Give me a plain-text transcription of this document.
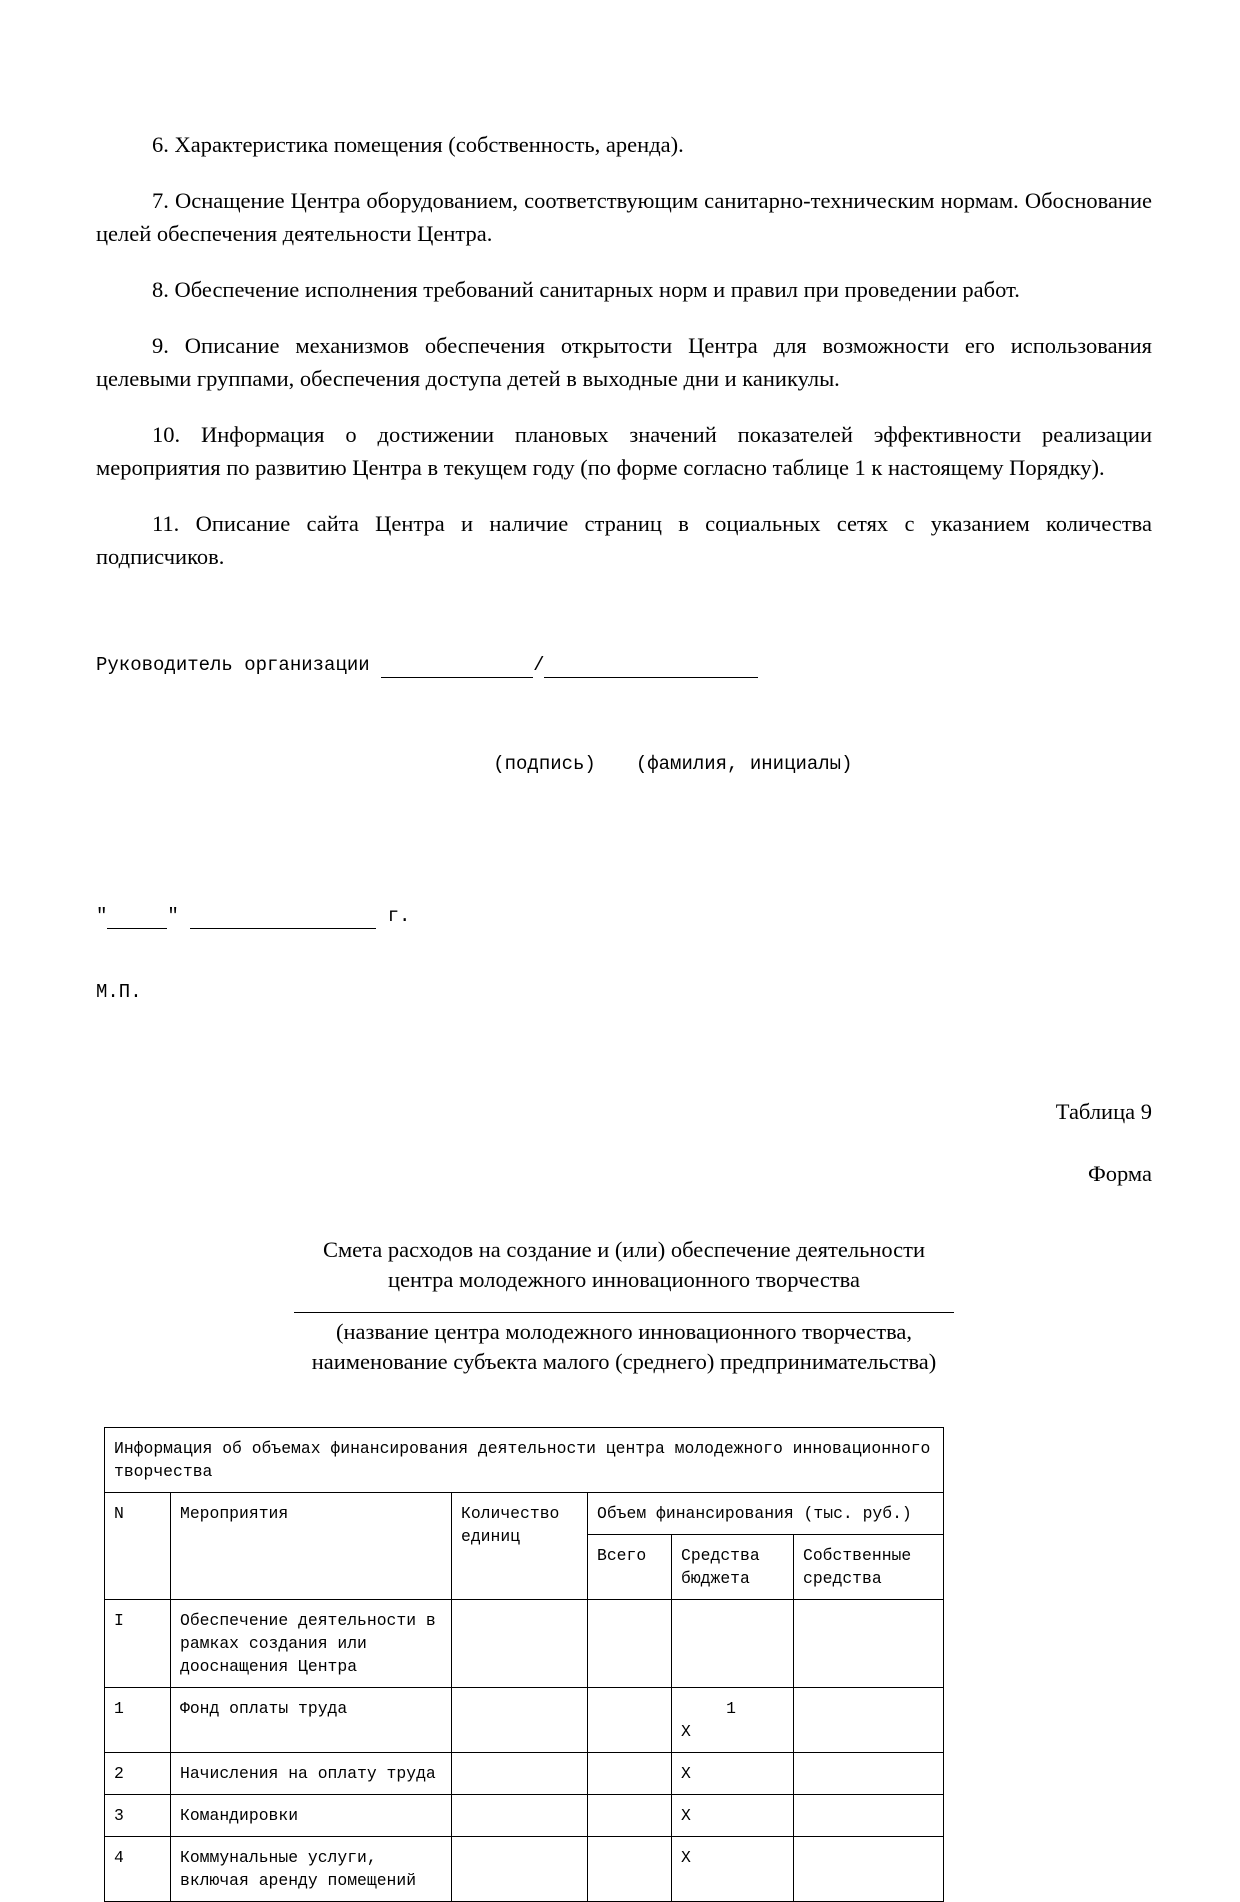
6. Характеристика помещения (собственность, аренда).

7. Оснащение Центра оборудованием, соответствующим санитарно-техническим нормам. Обоснование целей обеспечения деятельности Центра.

8. Обеспечение исполнения требований санитарных норм и правил при проведении работ.

9. Описание механизмов обеспечения открытости Центра для возможности его использования целевыми группами, обеспечения доступа детей в выходные дни и каникулы.

10. Информация о достижении плановых значений показателей эффективности реализации мероприятия по развитию Центра в текущем году (по форме согласно таблице 1 к настоящему Порядку).

11. Описание сайта Центра и наличие страниц в социальных сетях с указанием количества подписчиков.

Руководитель организации
	/

(подпись) (фамилия, инициалы)

"	"

	г.

М.П.

Таблица 9
Форма
Смета расходов на создание и (или) обеспечение деятельности
центра молодежного инновационного творчества
(название центра молодежного инновационного творчества,
наименование субъекта малого (среднего) предпринимательства)
Информация об объемах финансирования деятельности центра молодежного инновационного творчества					
N	Мероприятия	Количество единиц	Объем финансирования (тыс. руб.)		
			Всего	Средства бюджета	Собственные средства
I	Обеспечение деятельности в рамках создания или дооснащения Центра				
1	Фонд оплаты труда			1
X	

2	Начисления на оплату труда			X	
3	Командировки			X	
4	Коммунальные услуги, включая аренду помещений			X	
